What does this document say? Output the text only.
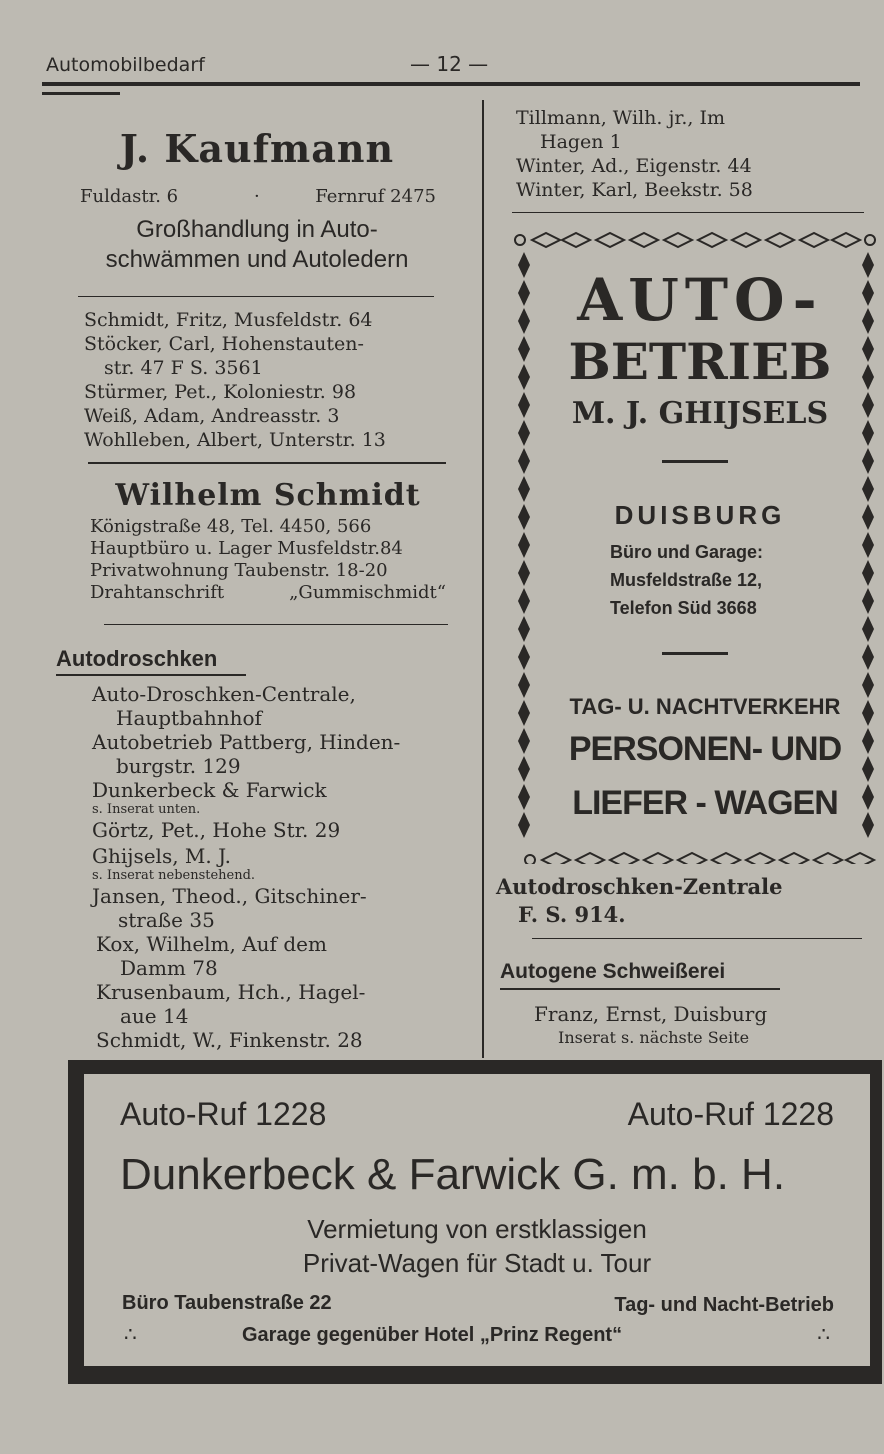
Automobilbedarf	— 12 —
J. Kaufmann
Fuldastr. 6	·	Fernruf 2475
Großhandlung in Auto-
schwämmen und Autoledern
Schmidt, Fritz, Musfeldstr. 64
Stöcker, Carl, Hohenstauten-
str. 47 F S. 3561
Stürmer, Pet., Koloniestr. 98
Weiß, Adam, Andreasstr. 3
Wohlleben, Albert, Unterstr. 13
Wilhelm Schmidt
Königstraße 48, Tel. 4450, 566
Hauptbüro u. Lager Musfeldstr.84
Privatwohnung Taubenstr. 18-20
Drahtanschrift	„Gummischmidt“
Autodroschken
Auto-Droschken-Centrale,
Hauptbahnhof
Autobetrieb Pattberg, Hinden-
burgstr. 129
Dunkerbeck & Farwick
s. Inserat unten.
Görtz, Pet., Hohe Str. 29
Ghijsels, M. J.
s. Inserat nebenstehend.
Jansen, Theod., Gitschiner-
straße 35
Kox, Wilhelm, Auf dem
Damm 78
Krusenbaum, Hch., Hagel-
aue 14
Schmidt, W., Finkenstr. 28
Tillmann, Wilh. jr., Im
Hagen 1
Winter, Ad., Eigenstr. 44
Winter, Karl, Beekstr. 58
AUTO-
BETRIEB
M. J. GHIJSELS
DUISBURG
Büro und Garage:
Musfeldstraße 12,
Telefon Süd 3668
TAG- U. NACHTVERKEHR
PERSONEN- UND
LIEFER - WAGEN
Autodroschken-Zentrale
F. S. 914.
Autogene Schweißerei
Franz, Ernst, Duisburg
Inserat s. nächste Seite
Auto-Ruf 1228	Auto-Ruf 1228
Dunkerbeck & Farwick G. m. b. H.
Vermietung von erstklassigen
Privat-Wagen für Stadt u. Tour
Büro Taubenstraße 22	Tag- und Nacht-Betrieb
∴	Garage gegenüber Hotel „Prinz Regent“	∴
